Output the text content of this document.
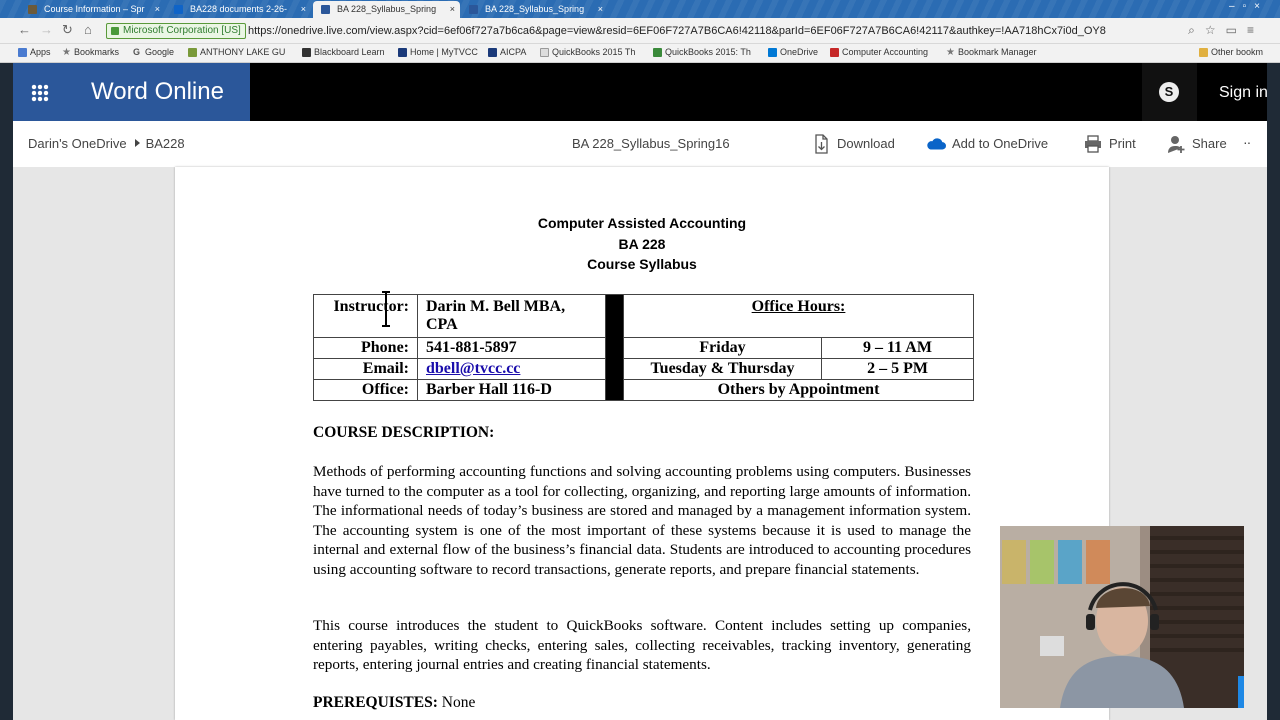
Course Information – Spr ×	BA228 documents 2-26- ×	BA 228_Syllabus_Spring ×	BA 228_Syllabus_Spring ×	‒▫×
← → ↻ ⌂	Microsoft Corporation [US] https://onedrive.live.com/view.aspx?cid=6ef06f727a7b6ca6&page=view&resid=6EF06F727A7B6CA6!42118&parId=6EF06F727A7B6CA6!42117&authkey=!AA718hCx7i0d_OY8	⌕☆▭≡
Apps ★ Bookmarks G Google	ANTHONY LAKE GU	Blackboard Learn	Home | MyTVCC	AICPA	QuickBooks 2015 Th	QuickBooks 2015: Th	OneDrive	Computer Accounting ★ Bookmark Manager	Other bookm
Word Online	S	Sign in
Darin's OneDrive BA228	BA 228_Syllabus_Spring16	Download	Add to OneDrive	Print	Share ··
Computer Assisted Accounting
BA 228
Course Syllabus
Instructor:	Darin M. Bell MBA, CPA		Office Hours:	
Phone:	541-881-5897		Friday	9 – 11 AM
Email:	dbell@tvcc.cc		Tuesday & Thursday	2 – 5 PM
Office:	Barber Hall 116-D		Others by Appointment	
COURSE DESCRIPTION:
Methods of performing accounting functions and solving accounting problems using computers. Businesses have turned to the computer as a tool for collecting, organizing, and reporting large amounts of information. The informational needs of today’s business are stored and managed by a management information system. The accounting system is one of the most important of these systems because it is used to manage the internal and external flow of the business’s financial data. Students are introduced to accounting procedures using accounting software to record transactions, generate reports, and prepare financial statements.
This course introduces the student to QuickBooks software. Content includes setting up companies, entering payables, writing checks, entering sales, collecting receivables, tracking inventory, generating reports, entering journal entries and creating financial statements.
PREREQUISTES: None
